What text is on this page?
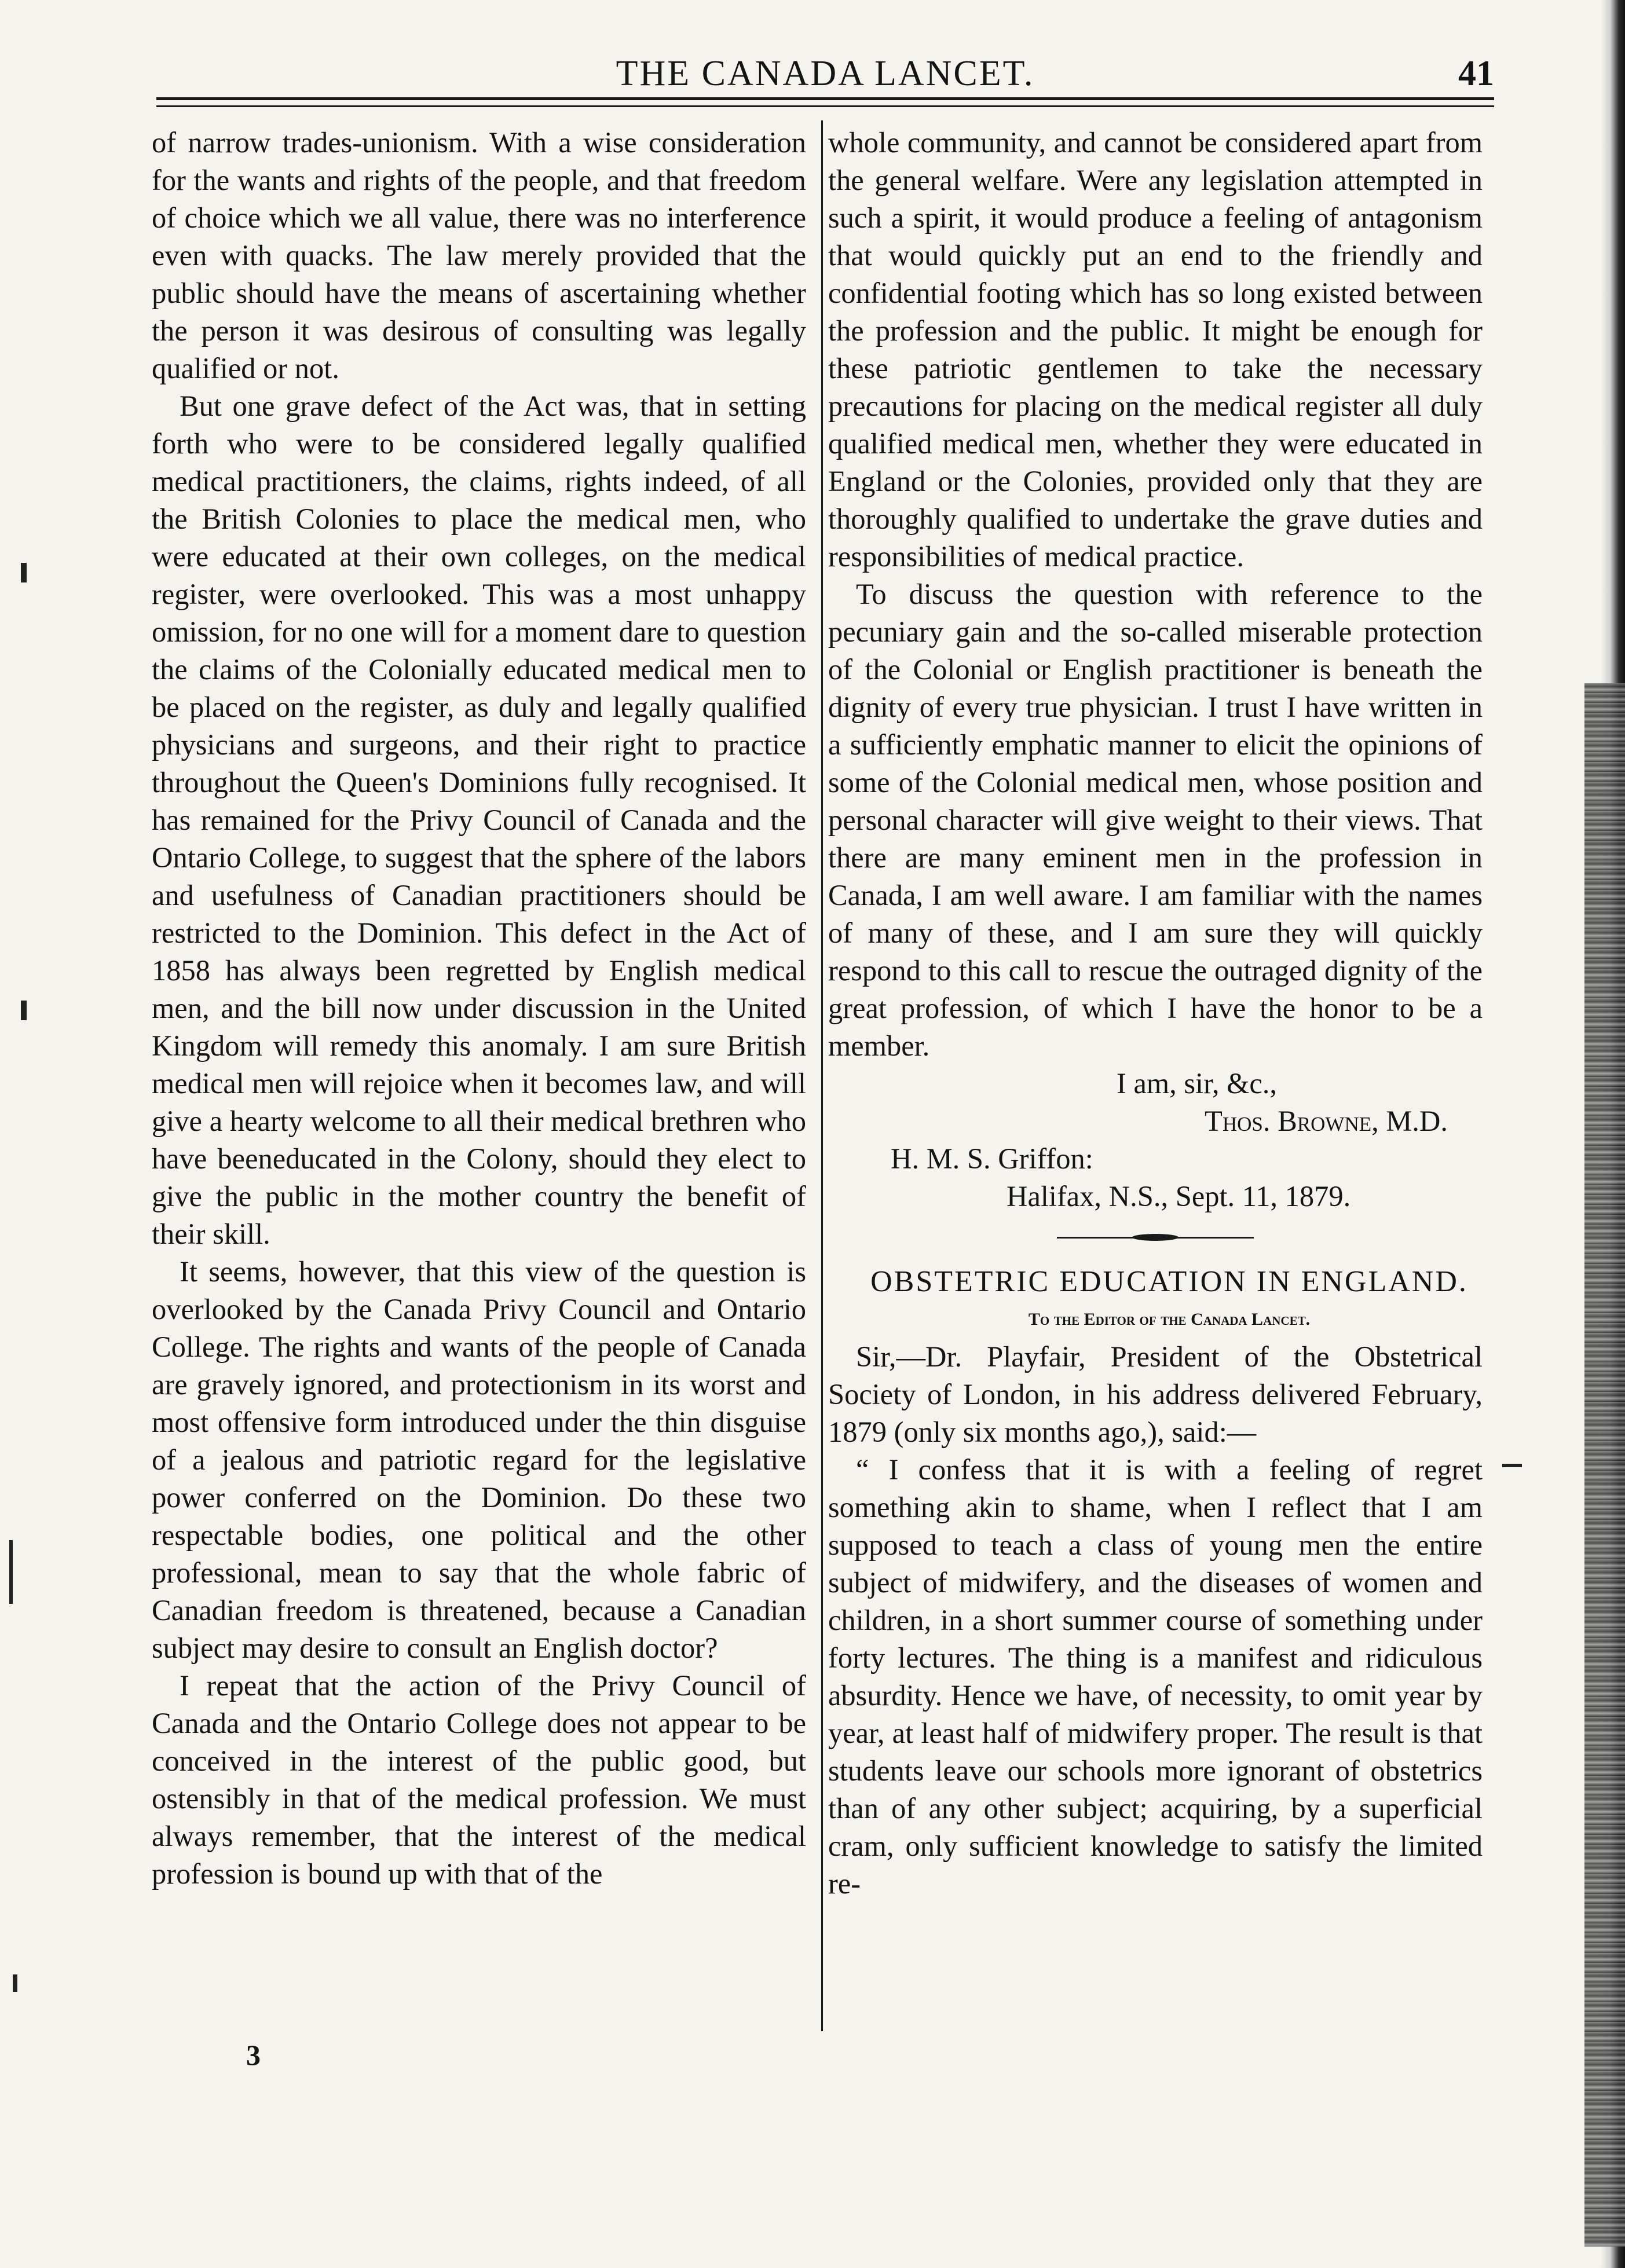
THE CANADA LANCET.	41

of narrow trades-unionism. With a wise consideration for the wants and rights of the people, and that freedom of choice which we all value, there was no interference even with quacks. The law merely provided that the public should have the means of ascertaining whether the person it was desirous of consulting was legally qualified or not.

But one grave defect of the Act was, that in setting forth who were to be considered legally qualified medical practitioners, the claims, rights indeed, of all the British Colonies to place the medical men, who were educated at their own colleges, on the medical register, were overlooked. This was a most unhappy omission, for no one will for a moment dare to question the claims of the Colonially educated medical men to be placed on the register, as duly and legally qualified physicians and surgeons, and their right to practice throughout the Queen's Dominions fully recognised. It has remained for the Privy Council of Canada and the Ontario College, to suggest that the sphere of the labors and usefulness of Canadian practitioners should be restricted to the Dominion. This defect in the Act of 1858 has always been regretted by English medical men, and the bill now under discussion in the United Kingdom will remedy this anomaly. I am sure British medical men will rejoice when it becomes law, and will give a hearty welcome to all their medical brethren who have beeneducated in the Colony, should they elect to give the public in the mother country the benefit of their skill.

It seems, however, that this view of the question is overlooked by the Canada Privy Council and Ontario College. The rights and wants of the people of Canada are gravely ignored, and protectionism in its worst and most offensive form introduced under the thin disguise of a jealous and patriotic regard for the legislative power conferred on the Dominion. Do these two respectable bodies, one political and the other professional, mean to say that the whole fabric of Canadian freedom is threatened, because a Canadian subject may desire to consult an English doctor?

I repeat that the action of the Privy Council of Canada and the Ontario College does not appear to be conceived in the interest of the public good, but ostensibly in that of the medical profession. We must always remember, that the interest of the medical profession is bound up with that of the

whole community, and cannot be considered apart from the general welfare. Were any legislation attempted in such a spirit, it would produce a feeling of antagonism that would quickly put an end to the friendly and confidential footing which has so long existed between the profession and the public. It might be enough for these patriotic gentlemen to take the necessary precautions for placing on the medical register all duly qualified medical men, whether they were educated in England or the Colonies, provided only that they are thoroughly qualified to undertake the grave duties and responsibilities of medical practice.

To discuss the question with reference to the pecuniary gain and the so-called miserable protection of the Colonial or English practitioner is beneath the dignity of every true physician. I trust I have written in a sufficiently emphatic manner to elicit the opinions of some of the Colonial medical men, whose position and personal character will give weight to their views. That there are many eminent men in the profession in Canada, I am well aware. I am familiar with the names of many of these, and I am sure they will quickly respond to this call to rescue the outraged dignity of the great profession, of which I have the honor to be a member.

I am, sir, &c.,

Thos. Browne, M.D.

H. M. S. Griffon:

Halifax, N.S., Sept. 11, 1879.

OBSTETRIC EDUCATION IN ENGLAND.

To the Editor of the Canada Lancet.

Sir,—Dr. Playfair, President of the Obstetrical Society of London, in his address delivered February, 1879 (only six months ago,), said:—

“ I confess that it is with a feeling of regret something akin to shame, when I reflect that I am supposed to teach a class of young men the entire subject of midwifery, and the diseases of women and children, in a short summer course of something under forty lectures. The thing is a manifest and ridiculous absurdity. Hence we have, of necessity, to omit year by year, at least half of midwifery proper. The result is that students leave our schools more ignorant of obstetrics than of any other subject; acquiring, by a superficial cram, only sufficient knowledge to satisfy the limited re-

3
